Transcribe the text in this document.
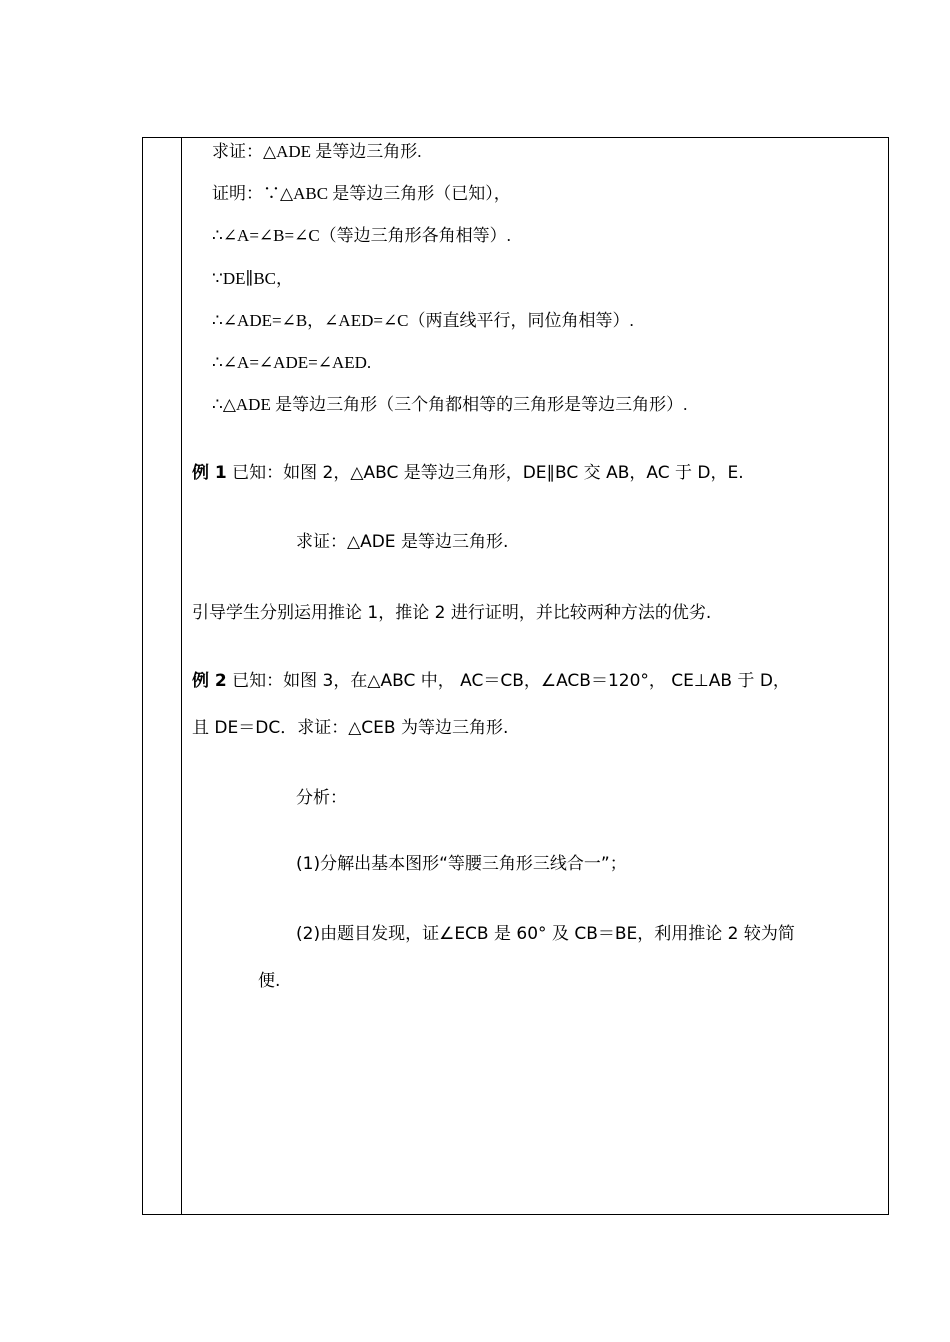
求证：△ADE 是等边三角形.
证明：∵△ABC 是等边三角形（已知），
∴∠A=∠B=∠C（等边三角形各角相等）.
∵DE∥BC，
∴∠ADE=∠B，∠AED=∠C（两直线平行，同位角相等）.
∴∠A=∠ADE=∠AED.
∴△ADE 是等边三角形（三个角都相等的三角形是等边三角形）.
例 1 已知：如图 2，△ABC 是等边三角形，DE∥BC 交 AB，AC 于 D，E.
求证：△ADE 是等边三角形.
引导学生分别运用推论 1，推论 2 进行证明，并比较两种方法的优劣.
例 2 已知：如图 3，在△ABC 中， AC＝CB，∠ACB＝120°， CE⊥AB 于 D，
且 DE＝DC．求证：△CEB 为等边三角形.
分析：
(1)分解出基本图形“等腰三角形三线合一”；
(2)由题目发现，证∠ECB 是 60° 及 CB＝BE，利用推论 2 较为简
便.
